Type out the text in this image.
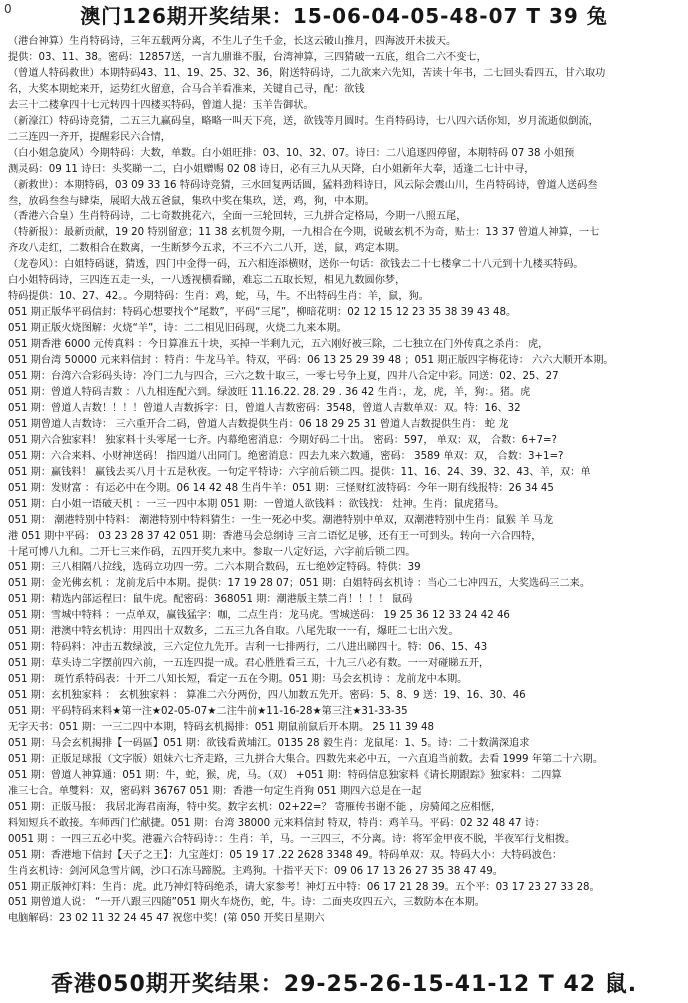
0	澳门126期开奖结果：15-06-04-05-48-07 T 39 兔
（港台神算）生肖特码诗，三年五载两分离，不生儿子生千金，长这云破山推月，四海波开未拔天。
提供：03、11、38。密码：12857送，一言九鼎谁不服，台湾神算，三四猜破一五底，组合二六不变七，
（曾道人特码救世）本期特码43、11、19、25、32、36，附送特码诗，二九欲来六先知，苦读十年书，二七回头看四五，甘六取功
名，大奖本期蛇来开，运势红火留意，合马合羊看准来，关键自己寻，配：欲钱
去三十二楼拿四十七元转四十四楼买特码，曾道人提：玉羊告御状。
（新濠江）特码诗竞猜，二五三九赢码皇，略略一叫天下亮，送，欲钱等月圆时。生肖特码诗，七八四六话你知，岁月流逝似倒流，
二三连四一齐开，提醒彩民六合情，
（白小姐急旋风）今期特码：大数，单数。白小姐旺排：03、10、32、07。诗曰：二八追逐四停留，本期特码 07 38 小姐预
测灵码：09 11 诗曰：头奖睇一二，白小姐赠赐 02 08 诗日，必有三九从天降，白小姐新年大奉，适逢二七计中寻，
（新救世）：本期特码，03 09 33 16 特码诗竞猜，三水回复两话圆，猛料劲料诗日，风云际会震山川，生肖特码诗，曾道人送码叁
叁，放码叁叁与肆柒，展昭大战五爸鼠，集玖中奖在集玖，送，鸡，狗，中本期。
（香港六合皇）生肖特码诗，二七奇数挑花六，全面一三轮回转，三九拼合定格局，今期一八照五尾，
（特新报）：最新贡献，19 20 特别留意；11 38 玄机贺今期，一九相合在今期，说破玄机不为奇，贴士：13 37 曾道人神算，一七
齐攻八走红，二数相合在数离，一生断梦今五求，不三不六二八开，送，鼠，鸡定本期。
（龙卷风）：白姐特码谜，猜透，四门中金得一码，五六相连添横财，送你一句话：欲钱去二十七楼拿二十八元到十九楼买特码。
白小姐特码诗，三四连五走一头，一八透视横看睇，难忘二五取长短，相见九数圆你梦，
特码提供：10、27、42。。今期特码：生肖：鸡，蛇，马，牛。不出特码生肖：羊，鼠，狗。
051 期正版华平码信封：特码心想要找个“尾数”，平码“三尾”，柳暗花明：02 12 15 12 23 35 38 39 43 48。
051 期正版火烧图解：火烧“羊”，诗：二二相见旧码现，火烧二九来本期。
051 期香港 6000 元传真料 ：今日算准五十块，买掉一半剩九元，五六刚好被三除，二七独立在门外传真之杀肖： 虎，
051 期台湾 50000 元来料信封 ：特肖：牛龙马羊。特双，平码：06 13 25 29 39 48 ；051 期正版四字梅花诗： 六六大顺开本期。
051 期：台湾六合彩码头诗：冷门二九与四合，三六之数十取三，一零七号争上夏，四井八合定中彩。同送：02、25、27
051 期：曾道人特码吉数 ：八九相连配六到。绿波旺 11.16.22. 28. 29 . 36 42 生肖：，龙，虎，羊，狗：。猪。虎
051 期：曾道人吉数！！！！曾道人吉数拆字：日，曾道人吉数密码：3548，曾道人吉数单双：双。特：16、32
051 期曾道人吉数诗： 三六重开合二码，曾道人吉数提供生肖：06 18 29 25 31 曾道人吉数提供生肖： 蛇 龙
051 期六合独家料！ 独家料十头零尾一七齐。内幕绝密消息：今期好码二十出。 密码：597， 单双：双， 合数：6+7=?
051 期：六合来料、小财神送码！ 指四道八出同门。绝密消息：四去九来六数通，密码： 3589 单双：双， 合数：3+1=?
051 期：赢钱料！ 赢钱去买八月十五是秋夜。一句定平特诗：六字前后锁二四。提供：11、16、24、39、32、43、羊，双：单
051 期：发财富 ：有运必中在今期。06 14 42 48 生肖牛羊：051 期：三怪财红波特码：今年一期有线报特：26 34 45
051 期：白小姐一语破天机 ：一三一四中本期 051 期：一曾道人欲钱料 ：欲钱找： 灶神。生肖：鼠虎猪马。
051 期： 潮港特别中特料： 潮港特别中特料猜生：一生一死必中奖。潮港特别中单双，双潮港特别中生肖：鼠猴 羊 马龙
港 051 期中平码： 03 23 28 37 42 051 期：香港马会总纲诗 三言二语忆足够，还有王一可到头。转向一六合四特，
十尾可博八九和。二开七三来作码，五四开奖九来中。参取一八定好运，六字前后锁二四。
051 期：三八相隔八拉线，选码立功四一劳。二六本期合数码，五七绝妙定特码。特供：39
051 期：金光佛玄机 ：龙前龙后中本期。提供：17 19 28 07；051 期：白姐特码玄机诗 ：当心二七冲四五，大奖选码三二来。
051 期：精选内部运程曰：鼠牛虎。配密码：368051 期：潮港版主禁二肖！！！！ 鼠码
051 期：雪城中特料 ：一点单双，赢钱猛字：咖，二点生肖：龙马虎。雪城送码： 19 25 36 12 33 24 42 46
051 期：港澳中特玄机诗：用四出十双数多，二五三九各自取。八尾先取一一有，爆旺二七出六发。
051 期：特码料：冲击五数绿波，三六定位九先开。吉利一七排两行，二八进出睇四十。特：06、15、43
051 期：草头诗二字摆前四六前，一五连四提一成。君心胜胜看三五，十九三八必有数。一一对碰睇五开，
051 期： 斑竹系特码表：十开二八知长短，看定一五在今期。051 期：马会玄机诗 ：龙前龙中本期。
051 期：玄机独家料 ： 玄机独家料 ： 算准二六分两份，四八加数五先开。密码：5、8、9 送：19、16、30、46
051 期：平码特码来料★第一注★02-05-07★二注牛前★11-16-28★第三注★31-33-35
无字天书：051 期：一三二四中本期，特码玄机揭排：051 期鼠前鼠后开本期。 25 11 39 48
051 期：马会玄机揭排【一码區】051 期：欲钱看黄埔江。0135 28 毅生肖：龙鼠尾：1、5。诗：二十数满深追求
051 期：正版足球报（文字版）姐妹六七齐走路，三九拼合大集合。四数先来必中五，一六直追当前数。去看 1999 年第二十六期。
051 期：曾道人神算通：051 期：牛，蛇，猴，虎，马。（双） +051 期：特码信息独家料《请长期跟踪》独家料：二四算
准三七合。单雙料：双，密码料 36767 051 期：香港一句定生肖狗 051 期四六总是在一起
051 期：正版马报： 我居北海君南海，特中奖。数字玄机：02+22=？ 寄雁传书谢不能 ，房骑闻之应相惬，
料知短兵不敢接。车师西门伫献捷。051 期：台湾 38000 元来料信封 特双，特肖：鸡羊马。平码：02 32 48 47 诗：
0051 期 ：一四三五必中奖。港霾六合特码诗：：生肖：羊，马。一三四三，不分离。诗：将军金甲夜不脱，半夜军行戈相拨。
051 期：香港地下信封【天子之王】：九宝莲灯：05 19 17 .22 2628 3348 49。特码单双：双。特码大小：大特码波色：
生肖玄机诗：剑河风急雪片阔，沙口石冻马蹄脱。主鸡狗。十指平天下：09 06 17 13 26 27 35 38 47 49。
051 期正版神灯料：生肖：虎。此乃神灯特码绝杀，请大家参考！神灯五中特：06 17 21 28 39。五个平：03 17 23 27 33 28。
051 期曾道人说： “一开八跟三四随”051 期火车烧伤，蛇，牛。诗：二面夹攻四五六，三数防本在本期。
电脑解码：23 02 11 32 24 45 47 祝您中奖！(第 050 开奖日星期六
香港050期开奖结果：29-25-26-15-41-12 T 42 鼠.
